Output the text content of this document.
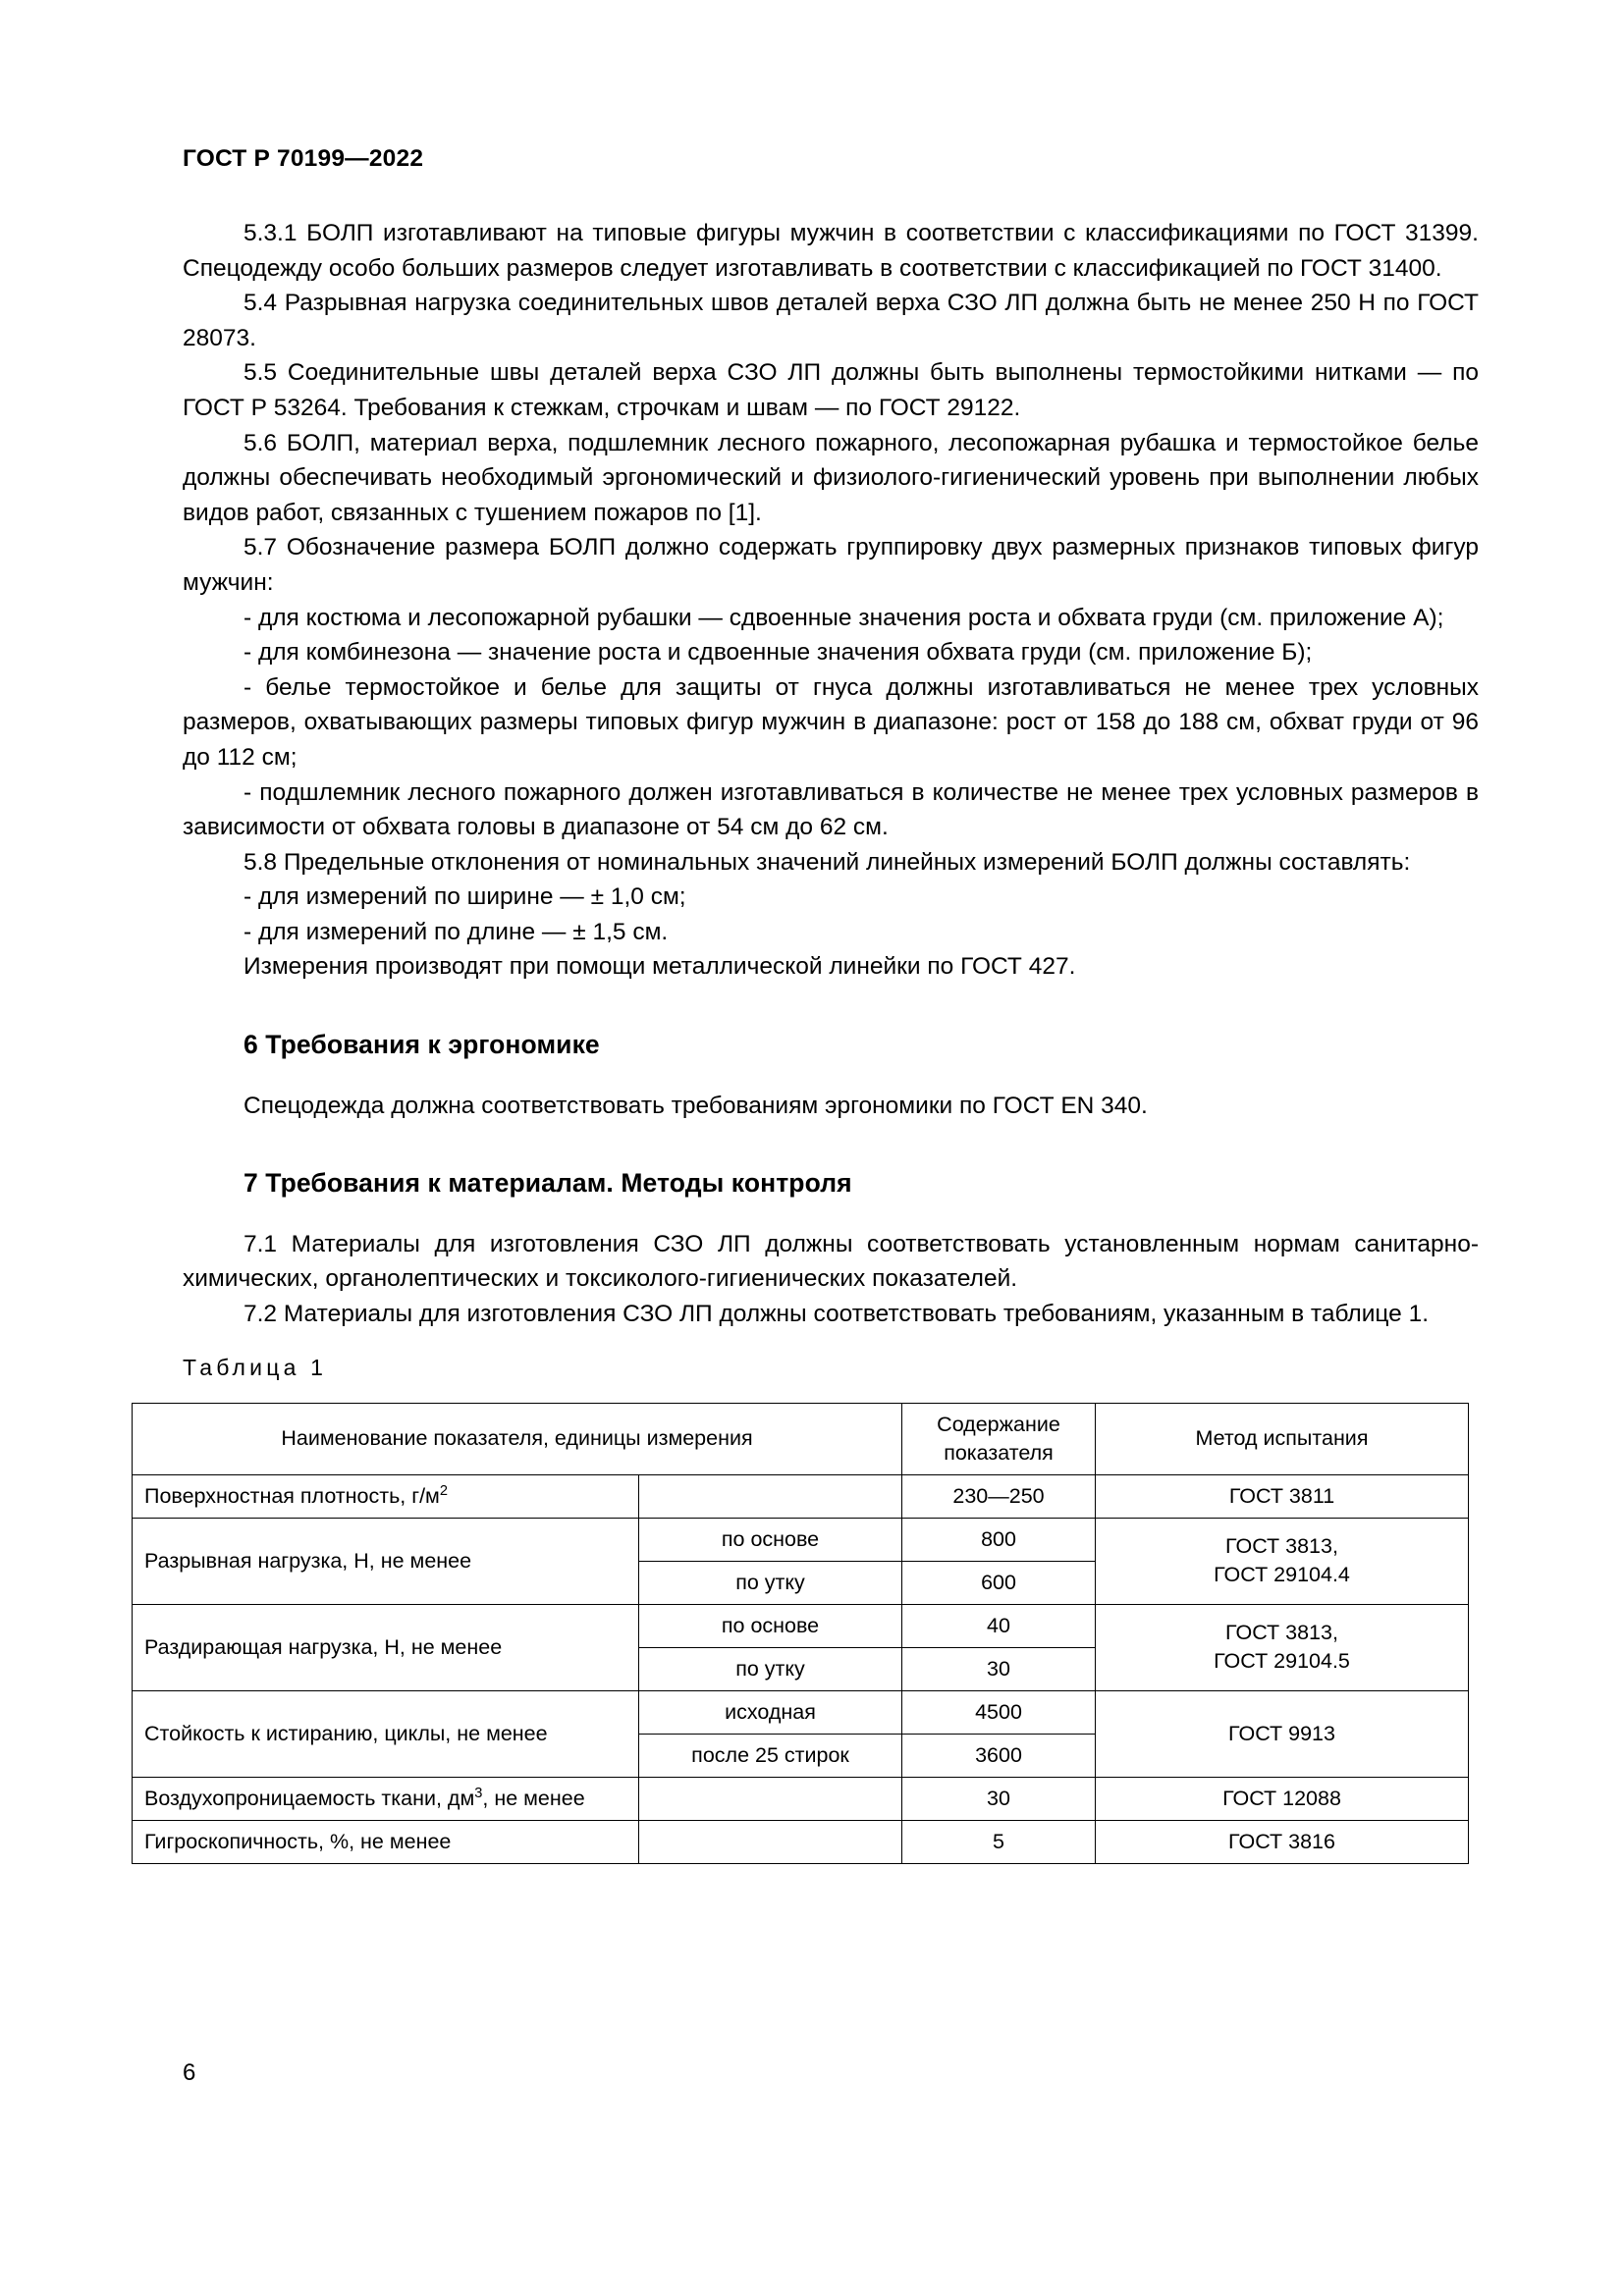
ГОСТ Р 70199—2022

5.3.1 БОЛП изготавливают на типовые фигуры мужчин в соответствии с классификациями по ГОСТ 31399. Спецодежду особо больших размеров следует изготавливать в соответствии с классификацией по ГОСТ 31400.

5.4 Разрывная нагрузка соединительных швов деталей верха СЗО ЛП должна быть не менее 250 Н по ГОСТ 28073.

5.5 Соединительные швы деталей верха СЗО ЛП должны быть выполнены термостойкими нитками — по ГОСТ Р 53264. Требования к стежкам, строчкам и швам — по ГОСТ 29122.

5.6 БОЛП, материал верха, подшлемник лесного пожарного, лесопожарная рубашка и термостойкое белье должны обеспечивать необходимый эргономический и физиолого-гигиенический уровень при выполнении любых видов работ, связанных с тушением пожаров по [1].

5.7 Обозначение размера БОЛП должно содержать группировку двух размерных признаков типовых фигур мужчин:

- для костюма и лесопожарной рубашки — сдвоенные значения роста и обхвата груди (см. приложение А);

- для комбинезона — значение роста и сдвоенные значения обхвата груди (см. приложение Б);

- белье термостойкое и белье для защиты от гнуса должны изготавливаться не менее трех условных размеров, охватывающих размеры типовых фигур мужчин в диапазоне: рост от 158 до 188 см, обхват груди от 96 до 112 см;

- подшлемник лесного пожарного должен изготавливаться в количестве не менее трех условных размеров в зависимости от обхвата головы в диапазоне от 54 см до 62 см.

5.8 Предельные отклонения от номинальных значений линейных измерений БОЛП должны составлять:

- для измерений по ширине — ± 1,0 см;

- для измерений по длине — ± 1,5 см.

Измерения производят при помощи металлической линейки по ГОСТ 427.

6 Требования к эргономике

Спецодежда должна соответствовать требованиям эргономики по ГОСТ EN 340.

7 Требования к материалам. Методы контроля

7.1 Материалы для изготовления СЗО ЛП должны соответствовать установленным нормам санитарно-химических, органолептических и токсиколого-гигиенических показателей.

7.2 Материалы для изготовления СЗО ЛП должны соответствовать требованиям, указанным в таблице 1.

Таблица 1

Наименование показателя, единицы измерения		Содержание
показателя	Метод испытания
Поверхностная плотность, $г/м^2$		230—250	ГОСТ 3811
Разрывная нагрузка, Н, не менее	по основе	800	ГОСТ 3813,
ГОСТ 29104.4
	по утку	600	
Раздирающая нагрузка, Н, не менее	по основе	40	ГОСТ 3813,
ГОСТ 29104.5
	по утку	30	
Стойкость к истиранию, циклы, не менее	исходная	4500	ГОСТ 9913
	после 25 стирок	3600	
Воздухопроницаемость ткани, $дм^3$, не менее		30	ГОСТ 12088
Гигроскопичность, %, не менее		5	ГОСТ 3816
6
